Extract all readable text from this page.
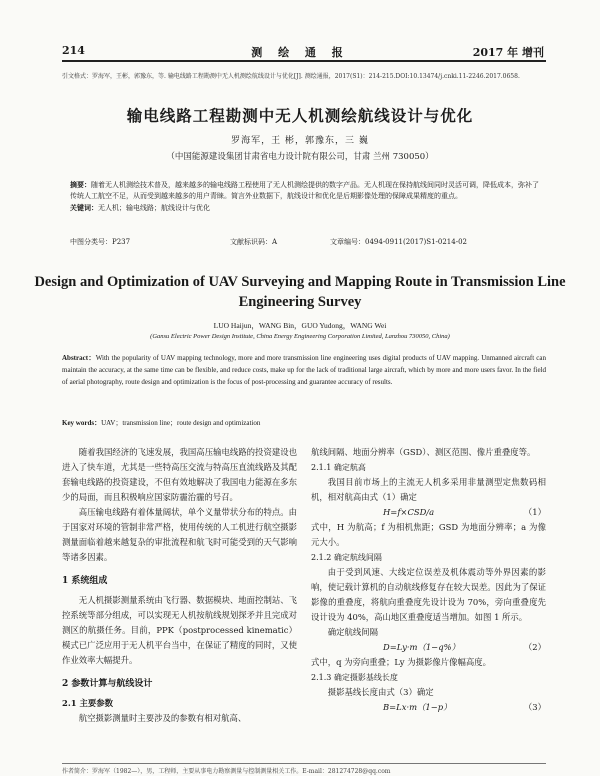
214	测 绘 通 报	2017 年 增刊
引文格式：罗海军，王彬，郭豫东，等. 输电线路工程勘测中无人机测绘航线设计与优化[J]. 测绘通报，2017(S1)：214-215.DOI:10.13474/j.cnki.11-2246.2017.0658.
输电线路工程勘测中无人机测绘航线设计与优化
罗海军，王 彬，郭豫东，三 巍
（中国能源建设集团甘肃省电力设计院有限公司，甘肃 兰州 730050）
摘要：随着无人机测绘技术普及，越来越多的输电线路工程使用了无人机测绘提供的数字产品。无人机现在保持航线间同时灵活可调，降低成本，弥补了传统人工航空不足，从而受到越来越多的用户青睐。简言外业数据下，航线设计和优化是后期影像处理的保障成果精度的重点。
关键词：无人机；输电线路；航线设计与优化
中图分类号：P237	文献标识码：A	文章编号：0494-0911(2017)S1-0214-02
Design and Optimization of UAV Surveying and Mapping Route in Transmission Line Engineering Survey
LUO Haijun，WANG Bin，GUO Yudong，WANG Wei
(Gansu Electric Power Design Institute, China Energy Engineering Corporation Limited, Lanzhou 730050, China)
Abstract：With the popularity of UAV mapping technology, more and more transmission line engineering uses digital products of UAV mapping. Unmanned aircraft can maintain the accuracy, at the same time can be flexible, and reduce costs, make up for the lack of traditional large aircraft, which by more and more users favor. In the field of aerial photography, route design and optimization is the focus of post-processing and guarantee accuracy of results.
Key words：UAV；transmission line；route design and optimization

随着我国经济的飞速发展，我国高压输电线路的投资建设也进入了快车道，尤其是一些特高压交流与特高压直流线路及其配套输电线路的投资建设，不但有效地解决了我国电力能源在多东少的局面，而且积极响应国家防霾治霾的号召。

高压输电线路有着体量阔状，单个义量带状分布的特点。由于国家对环境的管制非常严格，使用传统的人工机进行航空摄影测量面临着越来越复杂的审批流程和航飞时可能受到的天气影响等诸多因素。

1 系统组成

无人机摄影测量系统由飞行器、数据模块、地面控制站、飞控系统等部分组成，可以实现无人机按航线规划探矛并且完成对测区的航摄任务。目前，PPK（postprocessed kinematic）模式已广泛应用于无人机平台当中，在保证了精度的同时，又使作业效率大幅提升。

2 参数计算与航线设计
2.1 主要参数

航空摄影测量时主要涉及的参数有相对航高、

航线间隔、地面分辨率（GSD）、测区范围、像片重叠度等。

2.1.1 确定航高

我国目前市场上的主流无人机多采用非量测型定焦数码相机，相对航高由式（1）确定

H=f×CSD/a	（1）

式中，H 为航高；f 为相机焦距；GSD 为地面分辨率；a 为像元大小。

2.1.2 确定航线间隔

由于受到风速、大线定位误差及机体震动等外界因素的影响，使记载计算机的自动航线修复存在较大误差。因此为了保证影像的重叠度，将航向重叠度先设计设为 70%，旁向重叠度先设计设为 40%，高山地区重叠度适当增加。如图 1 所示。

确定航线间隔

D=Ly·m（1−q%）	（2）

式中，q 为旁向重叠；Ly 为摄影像片像幅高度。

2.1.3 确定摄影基线长度

摄影基线长度由式（3）确定

B=Lx·m（1−p）	（3）
作者简介：罗海军（1982—），男，工程师，主要从事电力勘察测量与控制测量相关工作。E-mail：281274728@qq.com
